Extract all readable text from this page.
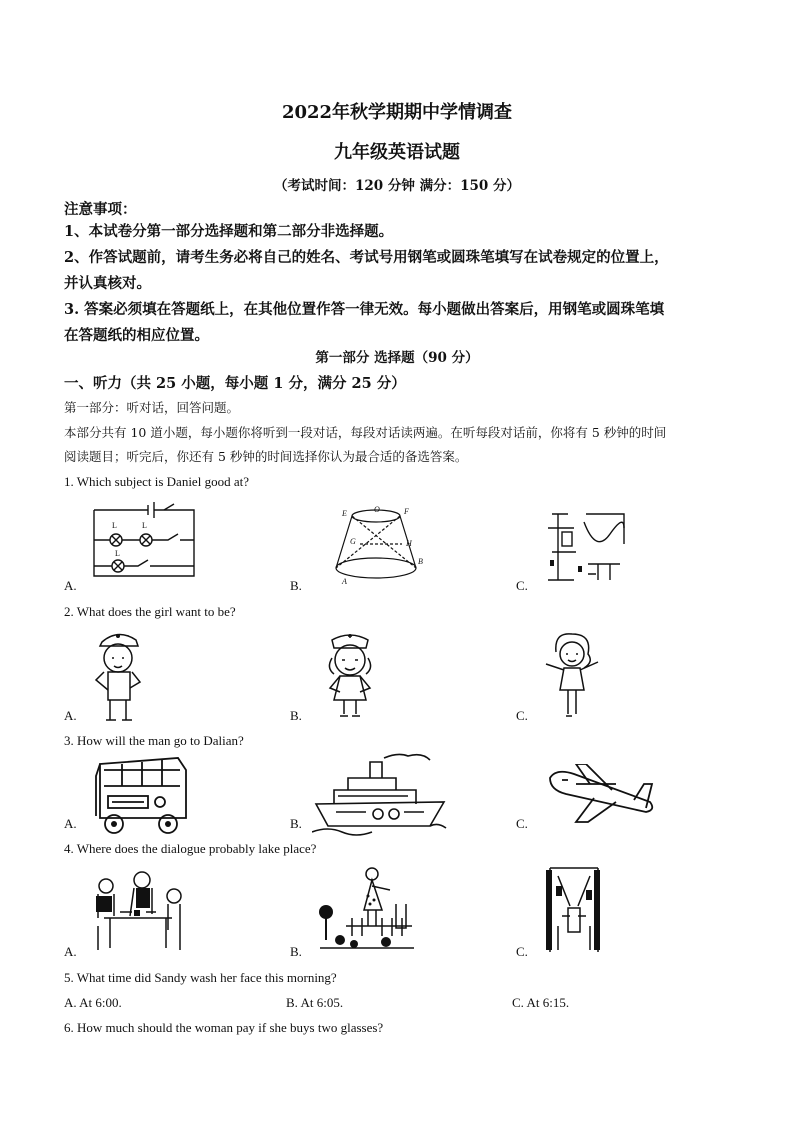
2022年秋学期期中学情调查
九年级英语试题
（考试时间：120 分钟 满分：150 分）
注意事项：
1、本试卷分第一部分选择题和第二部分非选择题。
2、作答试题前，请考生务必将自己的姓名、考试号用钢笔或圆珠笔填写在试卷规定的位置上，
并认真核对。
3. 答案必须填在答题纸上，在其他位置作答一律无效。每小题做出答案后，用钢笔或圆珠笔填
在答题纸的相应位置。
第一部分 选择题（90 分）
一、听力（共 25 小题，每小题 1 分，满分 25 分）
第一部分：听对话，回答问题。
本部分共有 10 道小题，每小题你将听到一段对话，每段对话读两遍。在听每段对话前，你将有 5 秒钟的时间
阅读题目；听完后，你还有 5 秒钟的时间选择你认为最合适的备选答案。
1. Which subject is Daniel good at?
L	L
L
A.
E	O	F
G	H
B
A
B.	C.
2. What does the girl want to be?
A.	B.	C.
3. How will the man go to Dalian?
A.	B.	C.
4. Where does the dialogue probably lake place?
A.	B.	C.
5. What time did Sandy wash her face this morning?
A. At 6:00.	B. At 6:05.	C. At 6:15.
6. How much should the woman pay if she buys two glasses?
